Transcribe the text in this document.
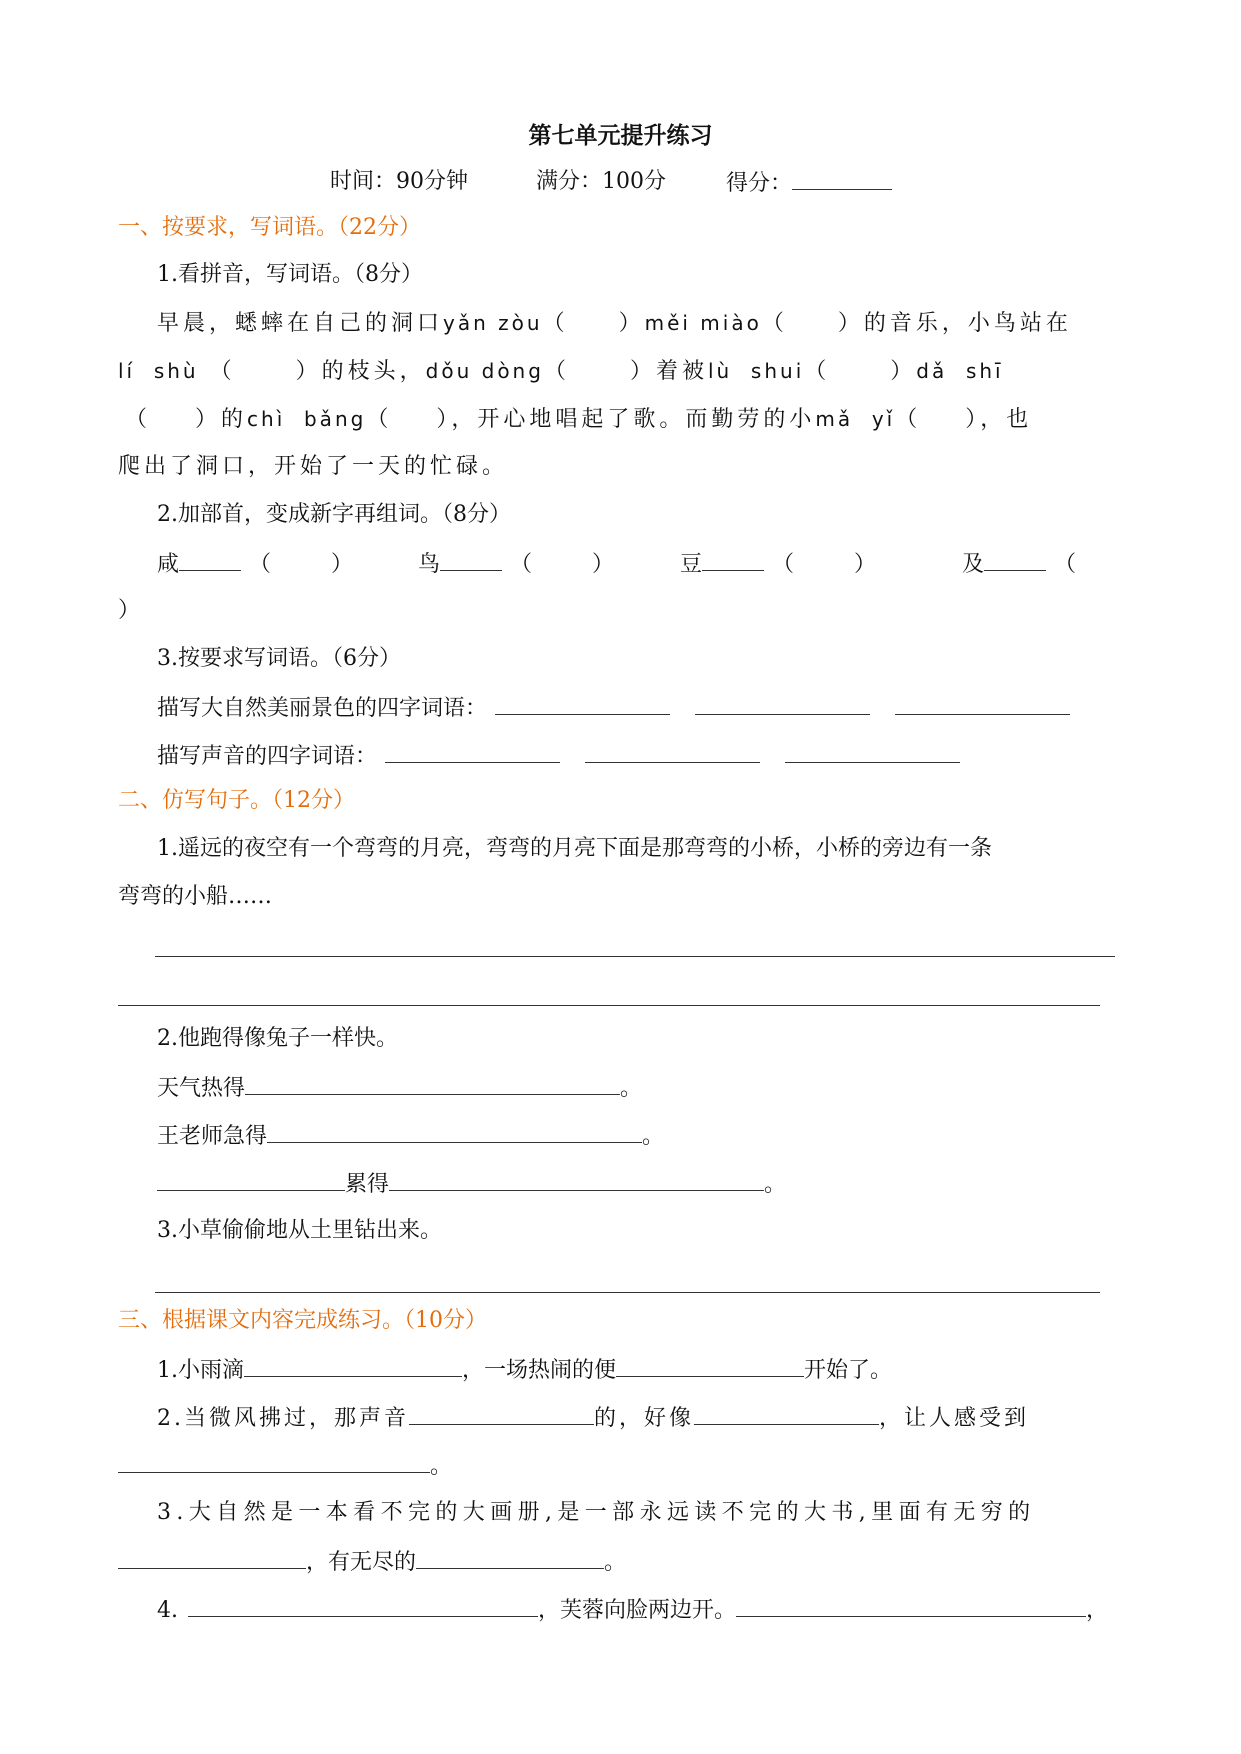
第七单元提升练习
时间：90分钟	满分：100分	得分：
一、按要求，写词语。（22分）
1.看拼音，写词语。（8分）
早晨，蟋蟀在自己的洞口yǎn zòu（ ）měi miào（ ）的音乐，小鸟站在
lí  shù （	）的枝头，dǒu dòng（	）着被lù  shui（	）dǎ  shī
（ ）的chì  bǎng（ ），开心地唱起了歌。而勤劳的小mǎ  yǐ（ ），也
爬出了洞口，开始了一天的忙碌。
2.加部首，变成新字再组词。（8分）
咸	（	）	鸟	（	）	豆	（	）	及	（
）
3.按要求写词语。（6分）
描写大自然美丽景色的四字词语：
描写声音的四字词语：
二、仿写句子。（12分）
1.遥远的夜空有一个弯弯的月亮，弯弯的月亮下面是那弯弯的小桥，小桥的旁边有一条
弯弯的小船……
2.他跑得像兔子一样快。
天气热得	。
王老师急得	。
累得	。
3.小草偷偷地从土里钻出来。
三、根据课文内容完成练习。（10分）
1.小雨滴	，一场热闹的便	开始了。
2.当微风拂过，那声音	的，好像	，让人感受到
。
3.大自然是一本看不完的大画册,是一部永远读不完的大书,里面有无穷的
，有无尽的	。
4.	，芙蓉向脸两边开。	，
